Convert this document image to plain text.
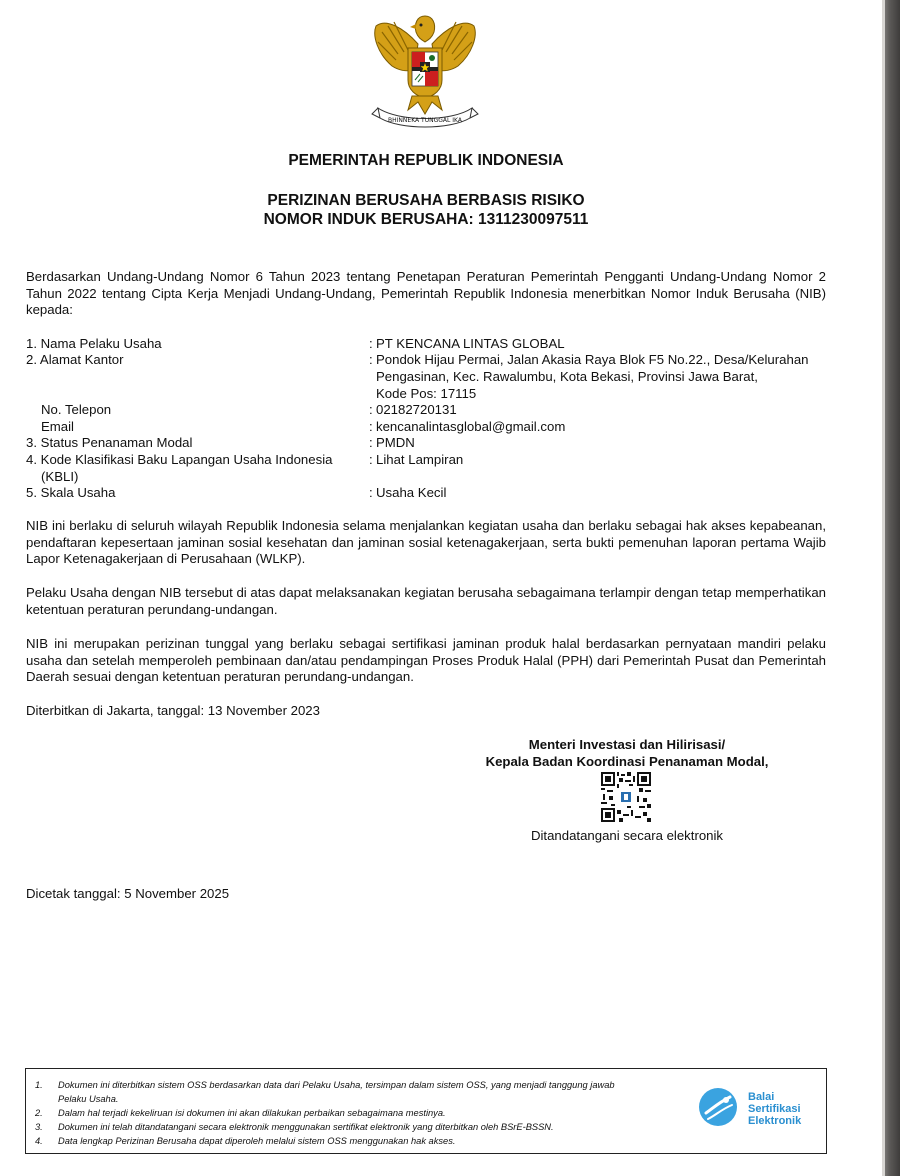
BHINNEKA TUNGGAL IKA
PEMERINTAH REPUBLIK INDONESIA
PERIZINAN BERUSAHA BERBASIS RISIKO
NOMOR INDUK BERUSAHA: 1311230097511
Berdasarkan Undang-Undang Nomor 6 Tahun 2023 tentang Penetapan Peraturan Pemerintah Pengganti Undang-Undang Nomor 2 Tahun 2022 tentang Cipta Kerja Menjadi Undang-Undang, Pemerintah Republik Indonesia menerbitkan Nomor Induk Berusaha (NIB) kepada:
1. Nama Pelaku Usaha	: PT KENCANA LINTAS GLOBAL
2. Alamat Kantor	: Pondok Hijau Permai, Jalan Akasia Raya Blok F5 No.22., Desa/Kelurahan
Pengasinan, Kec. Rawalumbu, Kota Bekasi, Provinsi Jawa Barat,
Kode Pos: 17115
No. Telepon	: 02182720131
Email	: kencanalintasglobal@gmail.com
3. Status Penanaman Modal	: PMDN
4. Kode Klasifikasi Baku Lapangan Usaha Indonesia	: Lihat Lampiran
(KBLI)
5. Skala Usaha	: Usaha Kecil
NIB ini berlaku di seluruh wilayah Republik Indonesia selama menjalankan kegiatan usaha dan berlaku sebagai hak akses kepabeanan, pendaftaran kepesertaan jaminan sosial kesehatan dan jaminan sosial ketenagakerjaan, serta bukti pemenuhan laporan pertama Wajib Lapor Ketenagakerjaan di Perusahaan (WLKP).
Pelaku Usaha dengan NIB tersebut di atas dapat melaksanakan kegiatan berusaha sebagaimana terlampir dengan tetap memperhatikan ketentuan peraturan perundang-undangan.
NIB ini merupakan perizinan tunggal yang berlaku sebagai sertifikasi jaminan produk halal berdasarkan pernyataan mandiri pelaku usaha dan setelah memperoleh pembinaan dan/atau pendampingan Proses Produk Halal (PPH) dari Pemerintah Pusat dan Pemerintah Daerah sesuai dengan ketentuan peraturan perundang-undangan.
Diterbitkan di Jakarta, tanggal: 13 November 2023
Menteri Investasi dan Hilirisasi/
Kepala Badan Koordinasi Penanaman Modal,
Ditandatangani secara elektronik
Dicetak tanggal: 5 November 2025
1. Dokumen ini diterbitkan sistem OSS berdasarkan data dari Pelaku Usaha, tersimpan dalam sistem OSS, yang menjadi tanggung jawab
Pelaku Usaha.
2. Dalam hal terjadi kekeliruan isi dokumen ini akan dilakukan perbaikan sebagaimana mestinya.
3. Dokumen ini telah ditandatangani secara elektronik menggunakan sertifikat elektronik yang diterbitkan oleh BSrE-BSSN.
4. Data lengkap Perizinan Berusaha dapat diperoleh melalui sistem OSS menggunakan hak akses.
Balai
Sertifikasi
Elektronik
